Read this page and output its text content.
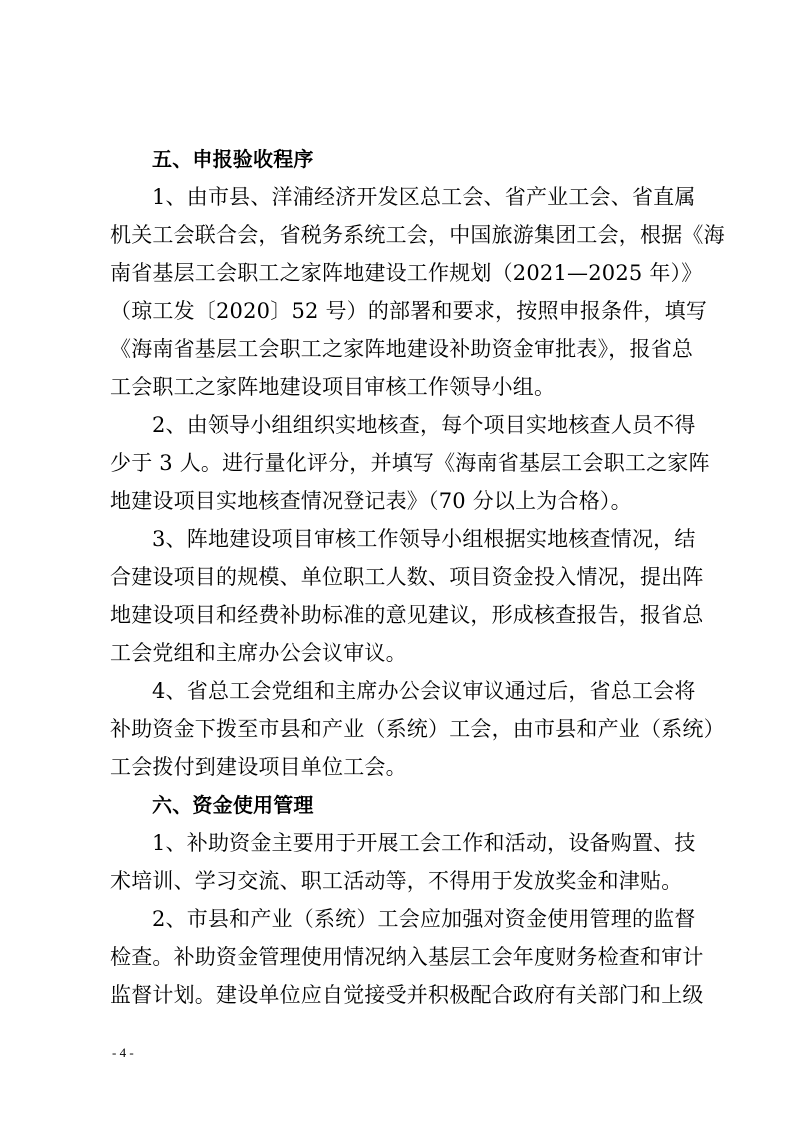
五、申报验收程序
1、由市县、洋浦经济开发区总工会、省产业工会、省直属
机关工会联合会，省税务系统工会，中国旅游集团工会，根据《海
南省基层工会职工之家阵地建设工作规划（2021—2025 年）》
（琼工发〔2020〕52 号）的部署和要求，按照申报条件，填写
《海南省基层工会职工之家阵地建设补助资金审批表》，报省总
工会职工之家阵地建设项目审核工作领导小组。
2、由领导小组组织实地核查，每个项目实地核查人员不得
少于 3 人。进行量化评分，并填写《海南省基层工会职工之家阵
地建设项目实地核查情况登记表》（70 分以上为合格）。
3、阵地建设项目审核工作领导小组根据实地核查情况，结
合建设项目的规模、单位职工人数、项目资金投入情况，提出阵
地建设项目和经费补助标准的意见建议，形成核查报告，报省总
工会党组和主席办公会议审议。
4、省总工会党组和主席办公会议审议通过后，省总工会将
补助资金下拨至市县和产业（系统）工会，由市县和产业（系统）
工会拨付到建设项目单位工会。
六、资金使用管理
1、补助资金主要用于开展工会工作和活动，设备购置、技
术培训、学习交流、职工活动等，不得用于发放奖金和津贴。
2、市县和产业（系统）工会应加强对资金使用管理的监督
检查。补助资金管理使用情况纳入基层工会年度财务检查和审计
监督计划。建设单位应自觉接受并积极配合政府有关部门和上级
- 4 -
